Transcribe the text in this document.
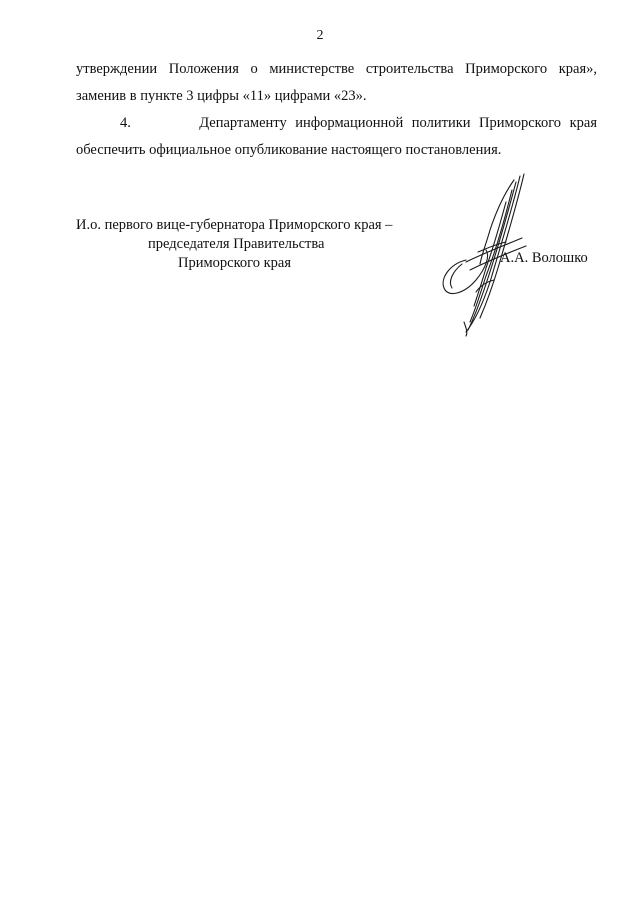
2

утверждении Положения о министерстве строительства Приморского края»,

заменив в пункте 3 цифры «11» цифрами «23».

4.        Департаменту информационной политики Приморского края

обеспечить официальное опубликование настоящего постановления.

И.о. первого вице-губернатора Приморского края –
председателя Правительства
Приморского края	А.А. Волошко
